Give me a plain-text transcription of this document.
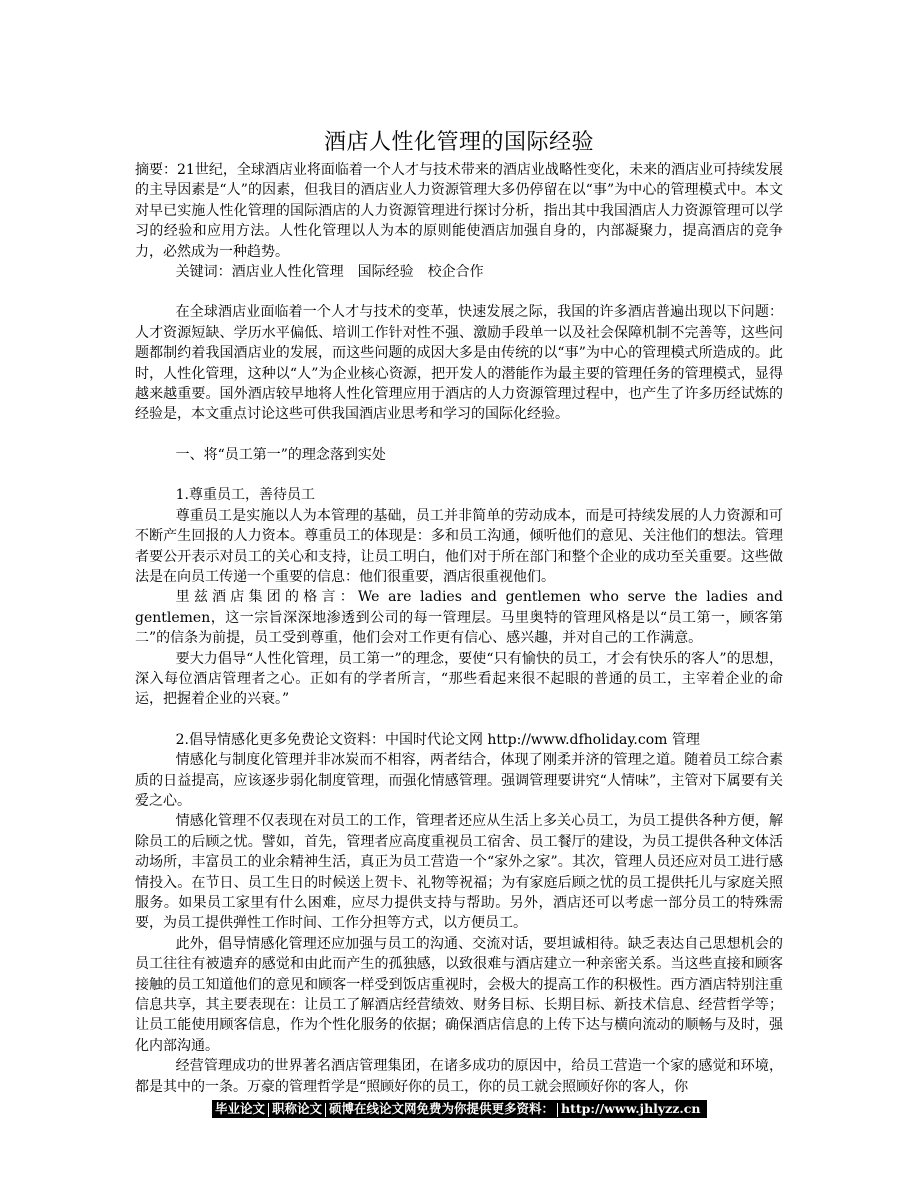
酒店人性化管理的国际经验

摘要：21世纪，全球酒店业将面临着一个人才与技术带来的酒店业战略性变化，未来的酒店业可持续发展的主导因素是“人”的因素，但我目的酒店业人力资源管理大多仍停留在以“事”为中心的管理模式中。本文对早已实施人性化管理的国际酒店的人力资源管理进行探讨分析，指出其中我国酒店人力资源管理可以学习的经验和应用方法。人性化管理以人为本的原则能使酒店加强自身的，内部凝聚力，提高酒店的竞争力，必然成为一种趋势。

关键词：酒店业人性化管理　国际经验　校企合作

在全球酒店业面临着一个人才与技术的变革，快速发展之际，我国的许多酒店普遍出现以下问题：人才资源短缺、学历水平偏低、培训工作针对性不强、激励手段单一以及社会保障机制不完善等，这些问题都制约着我国酒店业的发展，而这些问题的成因大多是由传统的以“事”为中心的管理模式所造成的。此时，人性化管理，这种以“人”为企业核心资源，把开发人的潜能作为最主要的管理任务的管理模式，显得越来越重要。国外酒店较早地将人性化管理应用于酒店的人力资源管理过程中，也产生了许多历经试炼的经验是，本文重点讨论这些可供我国酒店业思考和学习的国际化经验。

一、将“员工第一”的理念落到实处

1.尊重员工，善待员工

尊重员工是实施以人为本管理的基础，员工并非简单的劳动成本，而是可持续发展的人力资源和可不断产生回报的人力资本。尊重员工的体现是：多和员工沟通，倾听他们的意见、关注他们的想法。管理者要公开表示对员工的关心和支持，让员工明白，他们对于所在部门和整个企业的成功至关重要。这些做法是在向员工传递一个重要的信息：他们很重要，酒店很重视他们。

里兹酒店集团的格言：We are ladies and gentlemen who serve the ladies and gentlemen，这一宗旨深深地渗透到公司的每一管理层。马里奥特的管理风格是以“员工第一，顾客第二”的信条为前提，员工受到尊重，他们会对工作更有信心、感兴趣，并对自己的工作满意。

要大力倡导“人性化管理，员工第一”的理念，要使“只有愉快的员工，才会有快乐的客人”的思想，深入每位酒店管理者之心。正如有的学者所言，“那些看起来很不起眼的普通的员工，主宰着企业的命运，把握着企业的兴衰。”

2.倡导情感化更多免费论文资料：中国时代论文网 http://www.dfholiday.com 管理

情感化与制度化管理并非冰炭而不相容，两者结合，体现了刚柔并济的管理之道。随着员工综合素质的日益提高，应该逐步弱化制度管理，而强化情感管理。强调管理要讲究“人情味”，主管对下属要有关爱之心。

情感化管理不仅表现在对员工的工作，管理者还应从生活上多关心员工，为员工提供各种方便，解除员工的后顾之忧。譬如，首先，管理者应高度重视员工宿舍、员工餐厅的建设，为员工提供各种文体活动场所，丰富员工的业余精神生活，真正为员工营造一个“家外之家”。其次，管理人员还应对员工进行感情投入。在节日、员工生日的时候送上贺卡、礼物等祝福；为有家庭后顾之忧的员工提供托儿与家庭关照服务。如果员工家里有什么困难，应尽力提供支持与帮助。另外，酒店还可以考虑一部分员工的特殊需要，为员工提供弹性工作时间、工作分担等方式，以方便员工。

此外，倡导情感化管理还应加强与员工的沟通、交流对话，要坦诚相待。缺乏表达自己思想机会的员工往往有被遗弃的感觉和由此而产生的孤独感，以致很难与酒店建立一种亲密关系。当这些直接和顾客接触的员工知道他们的意见和顾客一样受到饭店重视时，会极大的提高工作的积极性。西方酒店特别注重信息共享，其主要表现在：让员工了解酒店经营绩效、财务目标、长期目标、新技术信息、经营哲学等；让员工能使用顾客信息，作为个性化服务的依据；确保酒店信息的上传下达与横向流动的顺畅与及时，强化内部沟通。

经营管理成功的世界著名酒店管理集团，在诸多成功的原因中，给员工营造一个家的感觉和环境，都是其中的一条。万豪的管理哲学是“照顾好你的员工，你的员工就会照顾好你的客人，你

毕业论文 职称论文 硕博在线论文网免费为你提供更多资料： http://www.jhlyzz.cn
